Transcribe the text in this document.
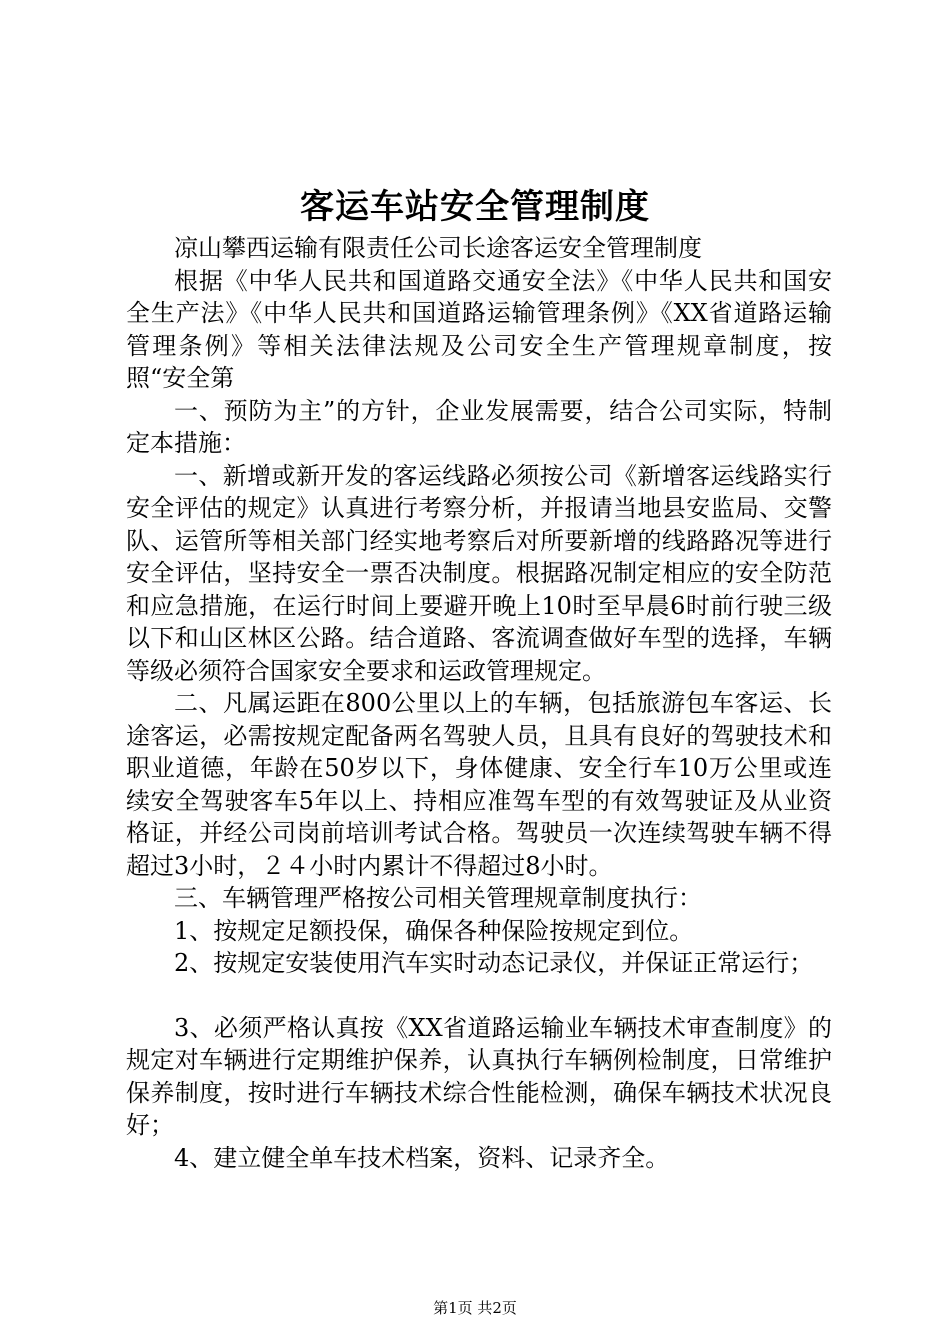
客运车站安全管理制度

凉山攀西运输有限责任公司长途客运安全管理制度

根据《中华人民共和国道路交通安全法》《中华人民共和国安全生产法》《中华人民共和国道路运输管理条例》《XX省道路运输管理条例》等相关法律法规及公司安全生产管理规章制度，按照“安全第

一、预防为主”的方针，企业发展需要，结合公司实际，特制定本措施：

一、新增或新开发的客运线路必须按公司《新增客运线路实行安全评估的规定》认真进行考察分析，并报请当地县安监局、交警队、运管所等相关部门经实地考察后对所要新增的线路路况等进行安全评估，坚持安全一票否决制度。根据路况制定相应的安全防范和应急措施，在运行时间上要避开晚上10时至早晨6时前行驶三级以下和山区林区公路。结合道路、客流调查做好车型的选择，车辆等级必须符合国家安全要求和运政管理规定。

二、凡属运距在800公里以上的车辆，包括旅游包车客运、长途客运，必需按规定配备两名驾驶人员，且具有良好的驾驶技术和职业道德，年龄在50岁以下，身体健康、安全行车10万公里或连续安全驾驶客车5年以上、持相应准驾车型的有效驾驶证及从业资格证，并经公司岗前培训考试合格。驾驶员一次连续驾驶车辆不得超过3小时，２４小时内累计不得超过8小时。

三、车辆管理严格按公司相关管理规章制度执行：

1、按规定足额投保，确保各种保险按规定到位。

2、按规定安装使用汽车实时动态记录仪，并保证正常运行；

3、必须严格认真按《XX省道路运输业车辆技术审查制度》的规定对车辆进行定期维护保养，认真执行车辆例检制度，日常维护保养制度，按时进行车辆技术综合性能检测，确保车辆技术状况良好；

4、建立健全单车技术档案，资料、记录齐全。

第1页 共2页
